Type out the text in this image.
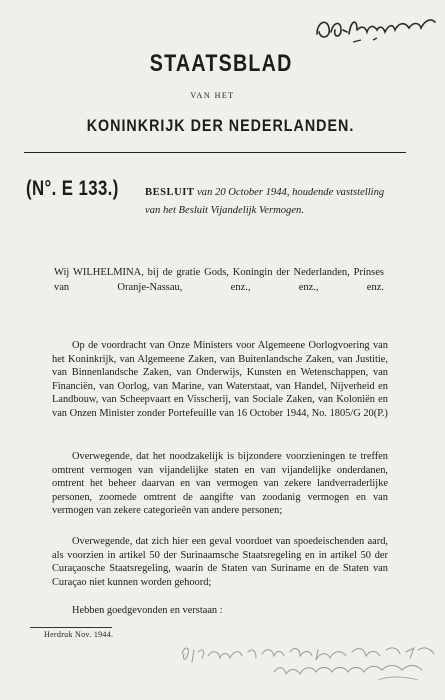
STAATSBLAD
VAN HET
KONINKRIJK DER NEDERLANDEN.
(N°. E 133.)	BESLUIT van 20 October 1944, houdende vaststelling van het Besluit Vijandelijk Vermogen.
Wij WILHELMINA, bij de gratie Gods, Koningin der Nederlanden, Prinses van Oranje-Nassau, enz., enz., enz.

Op de voordracht van Onze Ministers voor Algemeene Oorlogvoering van het Koninkrijk, van Algemeene Zaken, van Buitenlandsche Zaken, van Justitie, van Binnenlandsche Zaken, van Onderwijs, Kunsten en Wetenschappen, van Financiën, van Oorlog, van Marine, van Waterstaat, van Handel, Nijverheid en Landbouw, van Scheepvaart en Visscherij, van Sociale Zaken, van Koloniën en van Onzen Minister zonder Portefeuille van 16 October 1944, No. 1805/G 20(P.)

Overwegende, dat het noodzakelijk is bijzondere voorzieningen te treffen omtrent vermogen van vijandelijke staten en van vijandelijke onderdanen, omtrent het beheer daarvan en van vermogen van zekere landverraderlijke personen, zoomede omtrent de aangifte van zoodanig vermogen en van vermogen van zekere categorieën van andere personen;

Overwegende, dat zich hier een geval voordoet van spoedeischenden aard, als voorzien in artikel 50 der Surinaamsche Staatsregeling en in artikel 50 der Curaçaosche Staatsregeling, waarin de Staten van Suriname en de Staten van Curaçao niet kunnen worden gehoord;

Hebben goedgevonden en verstaan :

Herdruk Nov. 1944.
